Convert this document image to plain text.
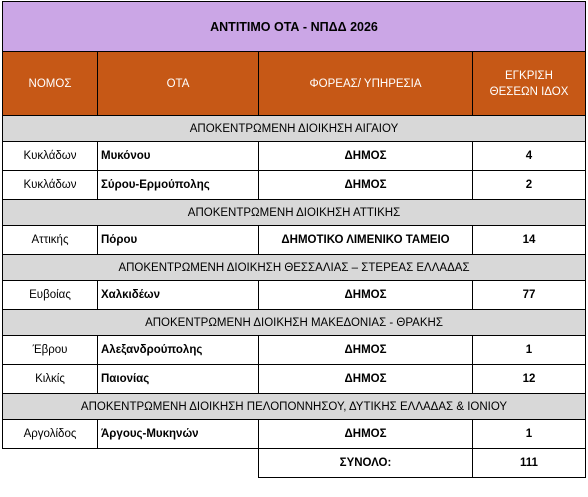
ΑΝΤΙΤΙΜΟ ΟΤΑ - ΝΠΔΔ 2026			
ΝΟΜΟΣ	ΟΤΑ	ΦΟΡΕΑΣ/ ΥΠΗΡΕΣΙΑ	ΕΓΚΡΙΣΗ
ΘΕΣΕΩΝ ΙΔΟΧ
ΑΠΟΚΕΝΤΡΩΜΕΝΗ ΔΙΟΙΚΗΣΗ ΑΙΓΑΙΟΥ			
Κυκλάδων	Μυκόνου	ΔΗΜΟΣ	4
Κυκλάδων	Σύρου-Ερμούπολης	ΔΗΜΟΣ	2
ΑΠΟΚΕΝΤΡΩΜΕΝΗ ΔΙΟΙΚΗΣΗ ΑΤΤΙΚΗΣ			
Αττικής	Πόρου	ΔΗΜΟΤΙΚΟ ΛΙΜΕΝΙΚΟ ΤΑΜΕΙΟ	14
ΑΠΟΚΕΝΤΡΩΜΕΝΗ ΔΙΟΙΚΗΣΗ ΘΕΣΣΑΛΙΑΣ – ΣΤΕΡΕΑΣ ΕΛΛΑΔΑΣ			
Ευβοίας	Χαλκιδέων	ΔΗΜΟΣ	77
ΑΠΟΚΕΝΤΡΩΜΕΝΗ ΔΙΟΙΚΗΣΗ ΜΑΚΕΔΟΝΙΑΣ - ΘΡΑΚΗΣ			
Έβρου	Αλεξανδρούπολης	ΔΗΜΟΣ	1
Κιλκίς	Παιονίας	ΔΗΜΟΣ	12
ΑΠΟΚΕΝΤΡΩΜΕΝΗ ΔΙΟΙΚΗΣΗ ΠΕΛΟΠΟΝΝΗΣΟΥ, ΔΥΤΙΚΗΣ ΕΛΛΑΔΑΣ & ΙΟΝΙΟΥ			
Αργολίδος	Άργους-Μυκηνών	ΔΗΜΟΣ	1
		ΣΥΝΟΛΟ:	111
